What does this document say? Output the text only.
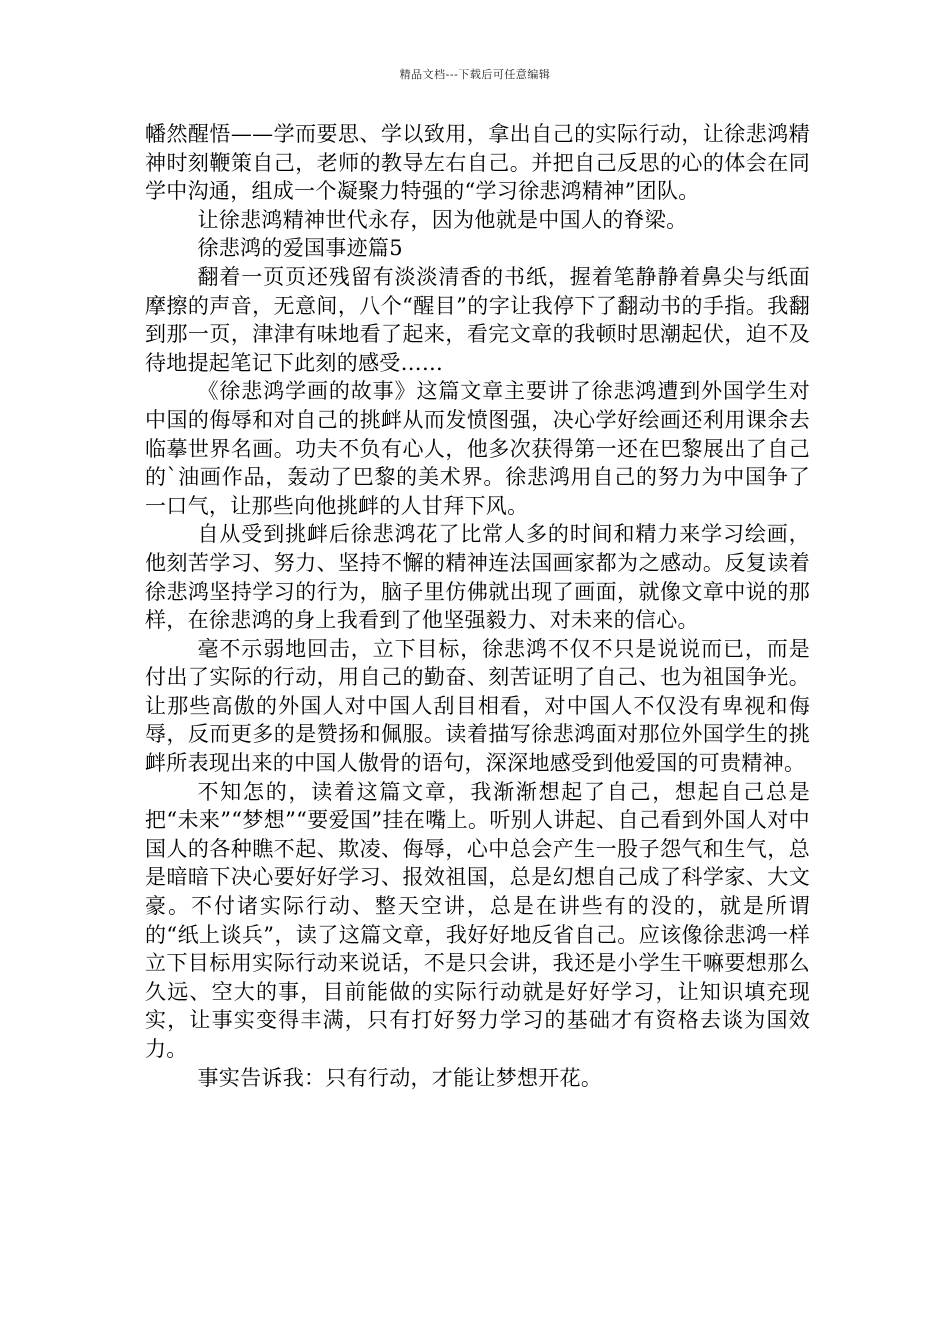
精品文档---下载后可任意编辑

幡然醒悟——学而要思、学以致用，拿出自己的实际行动，让徐悲鸿精神时刻鞭策自己，老师的教导左右自己。并把自己反思的心的体会在同学中沟通，组成一个凝聚力特强的“学习徐悲鸿精神”团队。

让徐悲鸿精神世代永存，因为他就是中国人的脊梁。

徐悲鸿的爱国事迹篇5

翻着一页页还残留有淡淡清香的书纸，握着笔静静着鼻尖与纸面摩擦的声音，无意间，八个“醒目”的字让我停下了翻动书的手指。我翻到那一页，津津有味地看了起来，看完文章的我顿时思潮起伏，迫不及待地提起笔记下此刻的感受……

《徐悲鸿学画的故事》这篇文章主要讲了徐悲鸿遭到外国学生对中国的侮辱和对自己的挑衅从而发愤图强，决心学好绘画还利用课余去临摹世界名画。功夫不负有心人，他多次获得第一还在巴黎展出了自己的`油画作品，轰动了巴黎的美术界。徐悲鸿用自己的努力为中国争了一口气，让那些向他挑衅的人甘拜下风。

自从受到挑衅后徐悲鸿花了比常人多的时间和精力来学习绘画，他刻苦学习、努力、坚持不懈的精神连法国画家都为之感动。反复读着徐悲鸿坚持学习的行为，脑子里仿佛就出现了画面，就像文章中说的那样，在徐悲鸿的身上我看到了他坚强毅力、对未来的信心。

毫不示弱地回击，立下目标，徐悲鸿不仅不只是说说而已，而是付出了实际的行动，用自己的勤奋、刻苦证明了自己、也为祖国争光。让那些高傲的外国人对中国人刮目相看，对中国人不仅没有卑视和侮辱，反而更多的是赞扬和佩服。读着描写徐悲鸿面对那位外国学生的挑衅所表现出来的中国人傲骨的语句，深深地感受到他爱国的可贵精神。

不知怎的，读着这篇文章，我渐渐想起了自己，想起自己总是把“未来”“梦想”“要爱国”挂在嘴上。听别人讲起、自己看到外国人对中国人的各种瞧不起、欺凌、侮辱，心中总会产生一股子怨气和生气，总是暗暗下决心要好好学习、报效祖国，总是幻想自己成了科学家、大文豪。不付诸实际行动、整天空讲，总是在讲些有的没的，就是所谓的“纸上谈兵”，读了这篇文章，我好好地反省自己。应该像徐悲鸿一样立下目标用实际行动来说话，不是只会讲，我还是小学生干嘛要想那么久远、空大的事，目前能做的实际行动就是好好学习，让知识填充现实，让事实变得丰满，只有打好努力学习的基础才有资格去谈为国效力。

事实告诉我：只有行动，才能让梦想开花。
